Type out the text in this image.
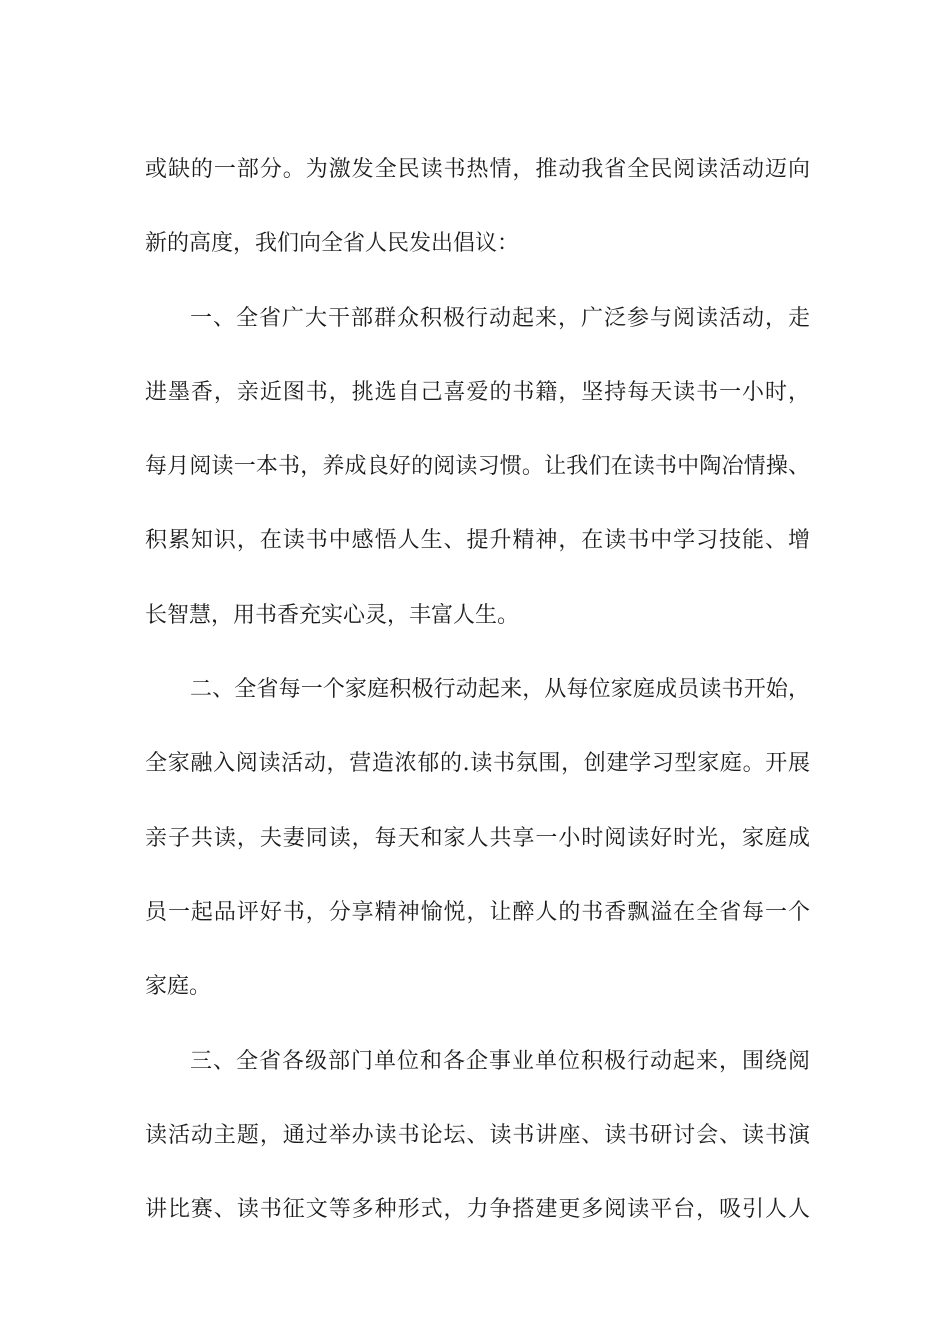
或缺的一部分。为激发全民读书热情，推动我省全民阅读活动迈向
新的高度，我们向全省人民发出倡议：
一、全省广大干部群众积极行动起来，广泛参与阅读活动，走
进墨香，亲近图书，挑选自己喜爱的书籍，坚持每天读书一小时，
每月阅读一本书，养成良好的阅读习惯。让我们在读书中陶冶情操、
积累知识，在读书中感悟人生、提升精神，在读书中学习技能、增
长智慧，用书香充实心灵，丰富人生。
二、全省每一个家庭积极行动起来，从每位家庭成员读书开始，
全家融入阅读活动，营造浓郁的.读书氛围，创建学习型家庭。开展
亲子共读，夫妻同读，每天和家人共享一小时阅读好时光，家庭成
员一起品评好书，分享精神愉悦，让醉人的书香飘溢在全省每一个
家庭。
三、全省各级部门单位和各企事业单位积极行动起来，围绕阅
读活动主题，通过举办读书论坛、读书讲座、读书研讨会、读书演
讲比赛、读书征文等多种形式，力争搭建更多阅读平台，吸引人人
